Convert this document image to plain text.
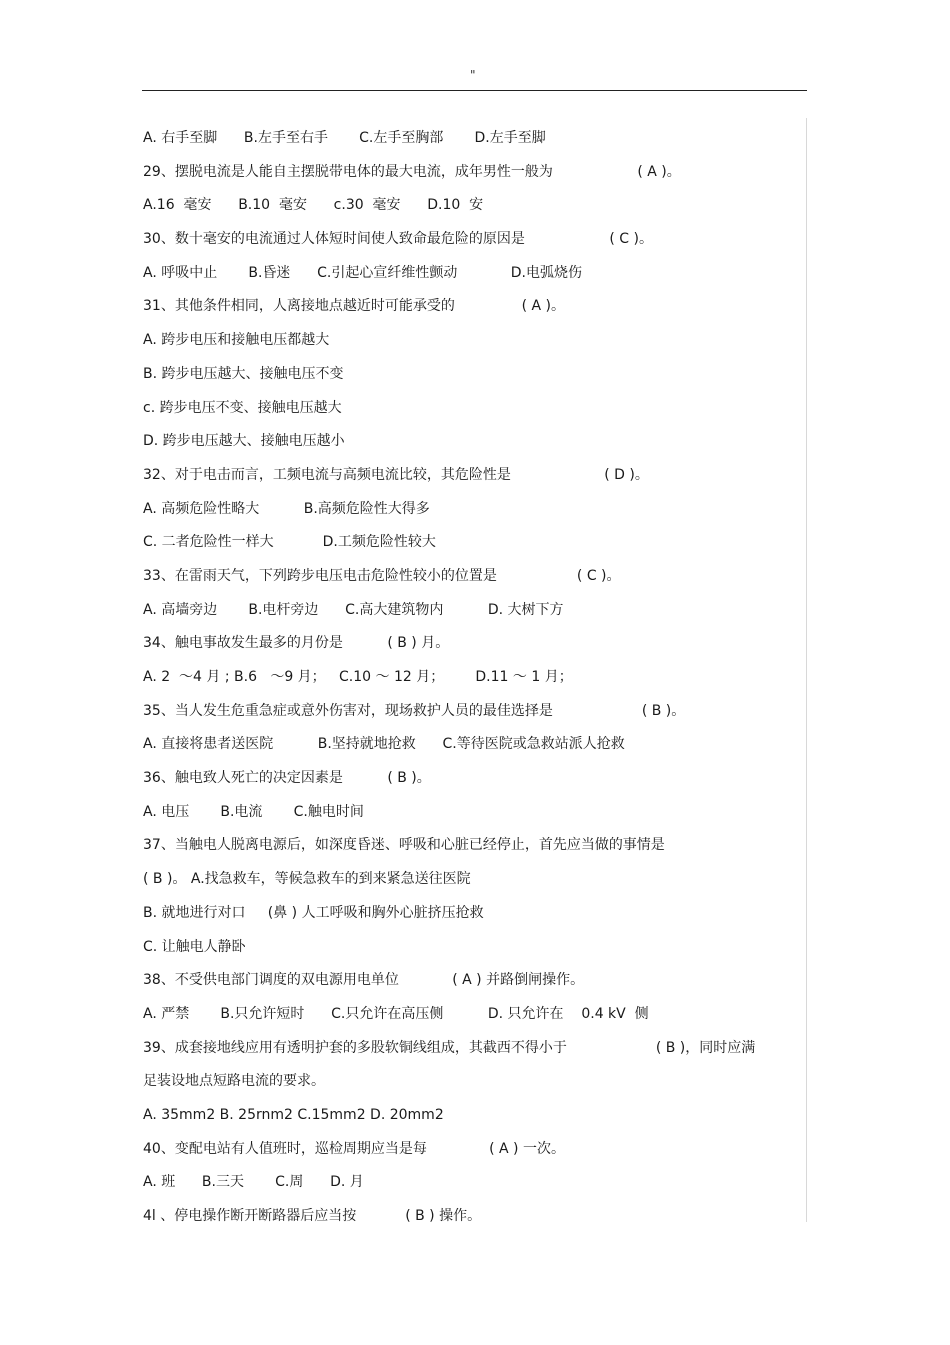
"
A. 右手至脚      B.左手至右手       C.左手至胸部       D.左手至脚
29、摆脱电流是人能自主摆脱带电体的最大电流，成年男性一般为                   ( A )。
A.16  毫安      B.10  毫安      c.30  毫安      D.10  安
30、数十毫安的电流通过人体短时间使人致命最危险的原因是                   ( C )。
A. 呼吸中止       B.昏迷      C.引起心宣纤维性颤动            D.电弧烧伤
31、其他条件相同，人离接地点越近时可能承受的               ( A )。
A. 跨步电压和接触电压都越大
B. 跨步电压越大、接触电压不变
c. 跨步电压不变、接触电压越大
D. 跨步电压越大、接触电压越小
32、对于电击而言，工频电流与高频电流比较，其危险性是                     ( D )。
A. 高频危险性略大          B.高频危险性大得多
C. 二者危险性一样大           D.工频危险性较大
33、在雷雨天气，下列跨步电压电击危险性较小的位置是                  ( C )。
A. 高墙旁边       B.电杆旁边      C.高大建筑物内          D. 大树下方
34、触电事故发生最多的月份是          ( B ) 月。
A. 2  ～4 月 ; B.6   ～9 月；   C.10 ～ 12 月；       D.11 ～ 1 月；
35、当人发生危重急症或意外伤害对，现场救护人员的最佳选择是                    ( B )。
A. 直接将患者送医院          B.坚持就地抢救      C.等待医院或急救站派人抢救
36、触电致人死亡的决定因素是          ( B )。
A. 电压       B.电流       C.触电时间
37、当触电人脱离电源后，如深度昏迷、呼吸和心脏已经停止，首先应当做的事情是
( B )。 A.找急救车，等候急救车的到来紧急送往医院
B. 就地进行对口     (鼻 ) 人工呼吸和胸外心脏挤压抢救
C. 让触电人静卧
38、不受供电部门调度的双电源用电单位            ( A ) 并路倒闸操作。
A. 严禁       B.只允许短时      C.只允许在高压侧          D. 只允许在    0.4 kV  侧
39、成套接地线应用有透明护套的多股软铜线组成，其截西不得小于                    ( B )，同时应满
足装设地点短路电流的要求。
A. 35mm2 B. 25rnm2 C.15mm2 D. 20mm2
40、变配电站有人值班时，巡检周期应当是每              ( A ) 一次。
A. 班      B.三天       C.周      D. 月
4l 、停电操作断开断路器后应当按           ( B ) 操作。
